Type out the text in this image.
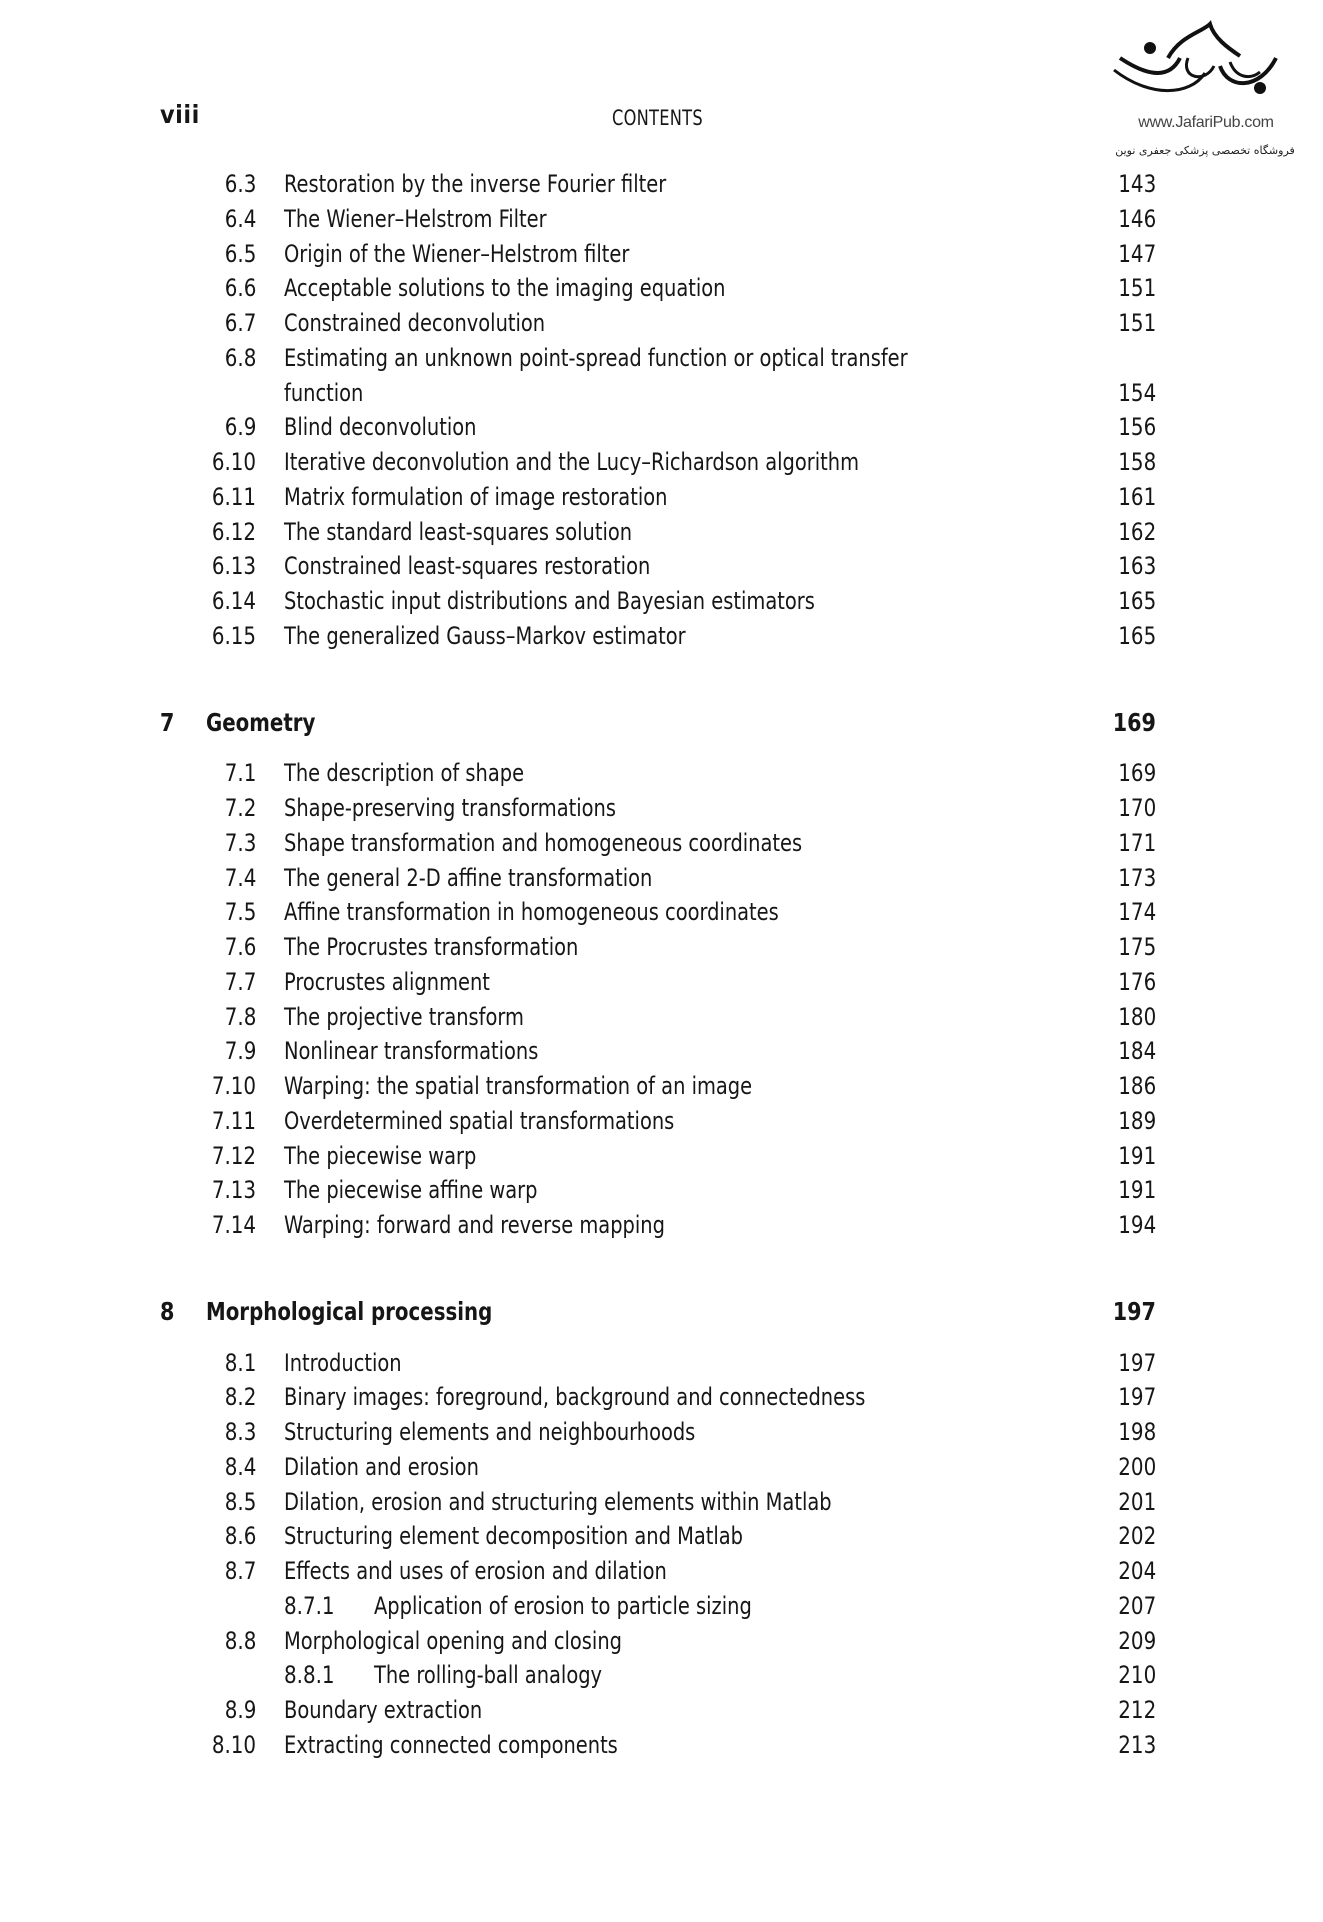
viii	CONTENTS	www.JafariPub.com
فروشگاه تخصصی پزشکی جعفری نوین
6.3 Restoration by the inverse Fourier filter	143
6.4 The Wiener–Helstrom Filter	146
6.5 Origin of the Wiener–Helstrom filter	147
6.6 Acceptable solutions to the imaging equation	151
6.7 Constrained deconvolution	151
6.8 Estimating an unknown point-spread function or optical transfer
function	154
6.9 Blind deconvolution	156
6.10 Iterative deconvolution and the Lucy–Richardson algorithm	158
6.11 Matrix formulation of image restoration	161
6.12 The standard least-squares solution	162
6.13 Constrained least-squares restoration	163
6.14 Stochastic input distributions and Bayesian estimators	165
6.15 The generalized Gauss–Markov estimator	165
7 Geometry	169
7.1 The description of shape	169
7.2 Shape-preserving transformations	170
7.3 Shape transformation and homogeneous coordinates	171
7.4 The general 2-D affine transformation	173
7.5 Affine transformation in homogeneous coordinates	174
7.6 The Procrustes transformation	175
7.7 Procrustes alignment	176
7.8 The projective transform	180
7.9 Nonlinear transformations	184
7.10 Warping: the spatial transformation of an image	186
7.11 Overdetermined spatial transformations	189
7.12 The piecewise warp	191
7.13 The piecewise affine warp	191
7.14 Warping: forward and reverse mapping	194
8 Morphological processing	197
8.1 Introduction	197
8.2 Binary images: foreground, background and connectedness	197
8.3 Structuring elements and neighbourhoods	198
8.4 Dilation and erosion	200
8.5 Dilation, erosion and structuring elements within Matlab	201
8.6 Structuring element decomposition and Matlab	202
8.7 Effects and uses of erosion and dilation	204
8.7.1 Application of erosion to particle sizing	207
8.8 Morphological opening and closing	209
8.8.1 The rolling-ball analogy	210
8.9 Boundary extraction	212
8.10 Extracting connected components	213
